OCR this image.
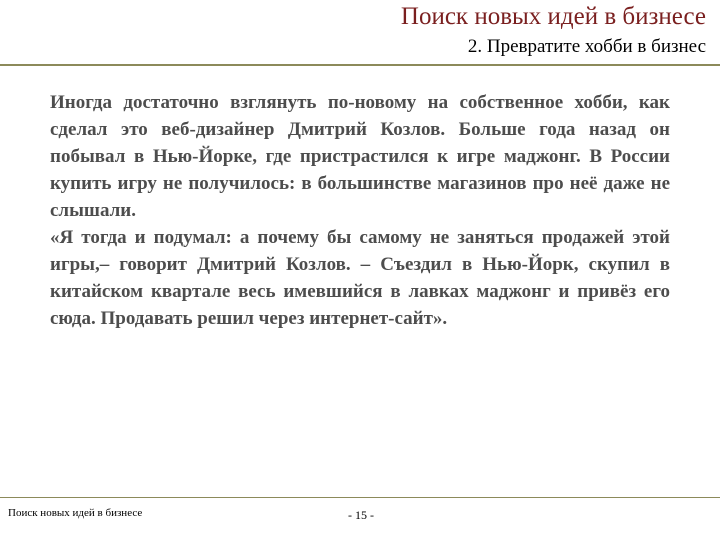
Поиск новых идей в бизнесе
2. Превратите хобби в бизнес

Иногда достаточно взглянуть по-новому на собственное хобби, как сделал это веб-дизайнер Дмитрий Козлов. Больше года назад он побывал в Нью-Йорке, где пристрастился к игре маджонг. В России купить игру не получилось: в большинстве магазинов про неё даже не слышали.

«Я тогда и подумал: а почему бы самому не заняться продажей этой игры,– говорит Дмитрий Козлов. – Съездил в Нью-Йорк, скупил в китайском квартале весь имевшийся в лавках маджонг и привёз его сюда. Продавать решил через интернет-сайт».

Поиск новых идей в бизнесе	- 15 -
